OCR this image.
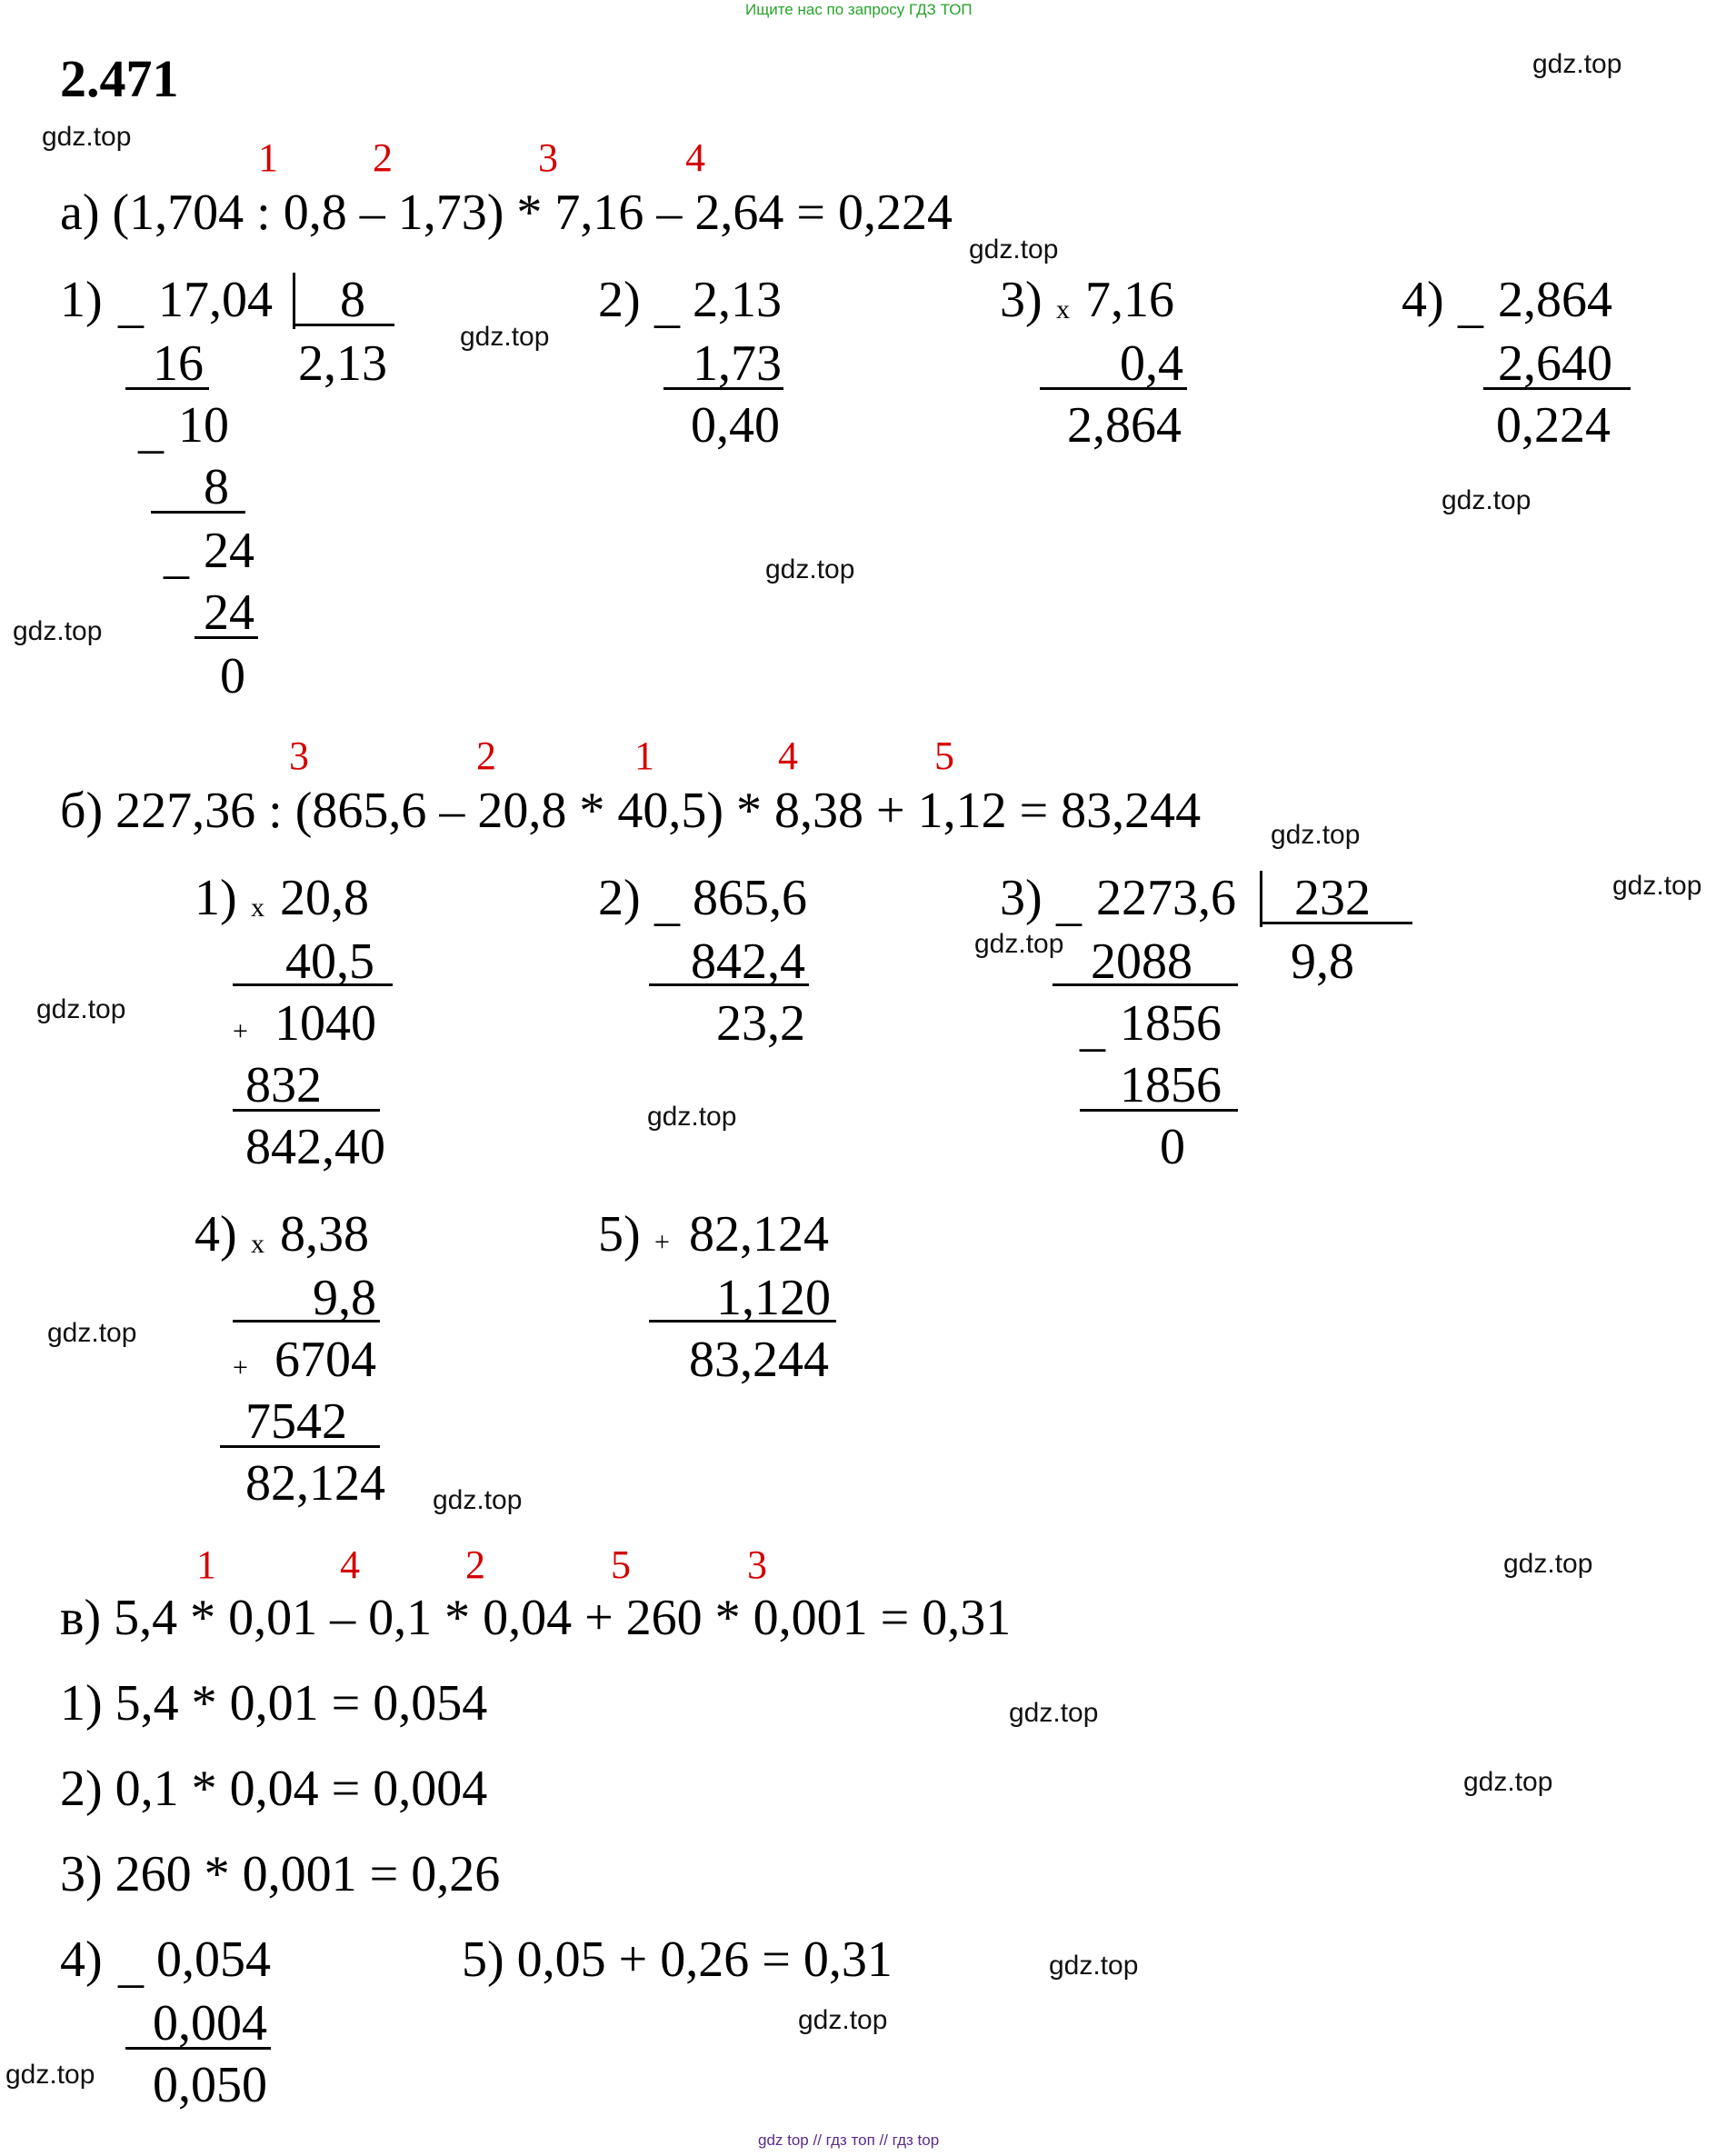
Ищите нас по запросу ГДЗ ТОП
2.471	gdz.top
gdz.top
gdz.top
gdz.top
gdz.top
gdz.top
gdz.top
gdz.top
gdz.top
gdz.top
gdz.top
gdz.top
gdz.top
gdz.top
gdz.top
gdz.top
gdz.top
gdz.top
gdz.top
gdz.top
1 2	3	4
а) (1,704 : 0,8 – 1,73) * 7,16 – 2,64 = 0,224
1) _ 17,04 8
2,13
16
_ 10
8
_ 24
24
0
2) _ 2,13
1,73
0,40
3) x 7,16
0,4
2,864
4) _ 2,864
2,640
0,224
3	2	1	4	5
б) 227,36 : (865,6 – 20,8 * 40,5) * 8,38 + 1,12 = 83,244
1) x 20,8
40,5
+ 1040
832
842,40
2) _ 865,6
842,4
23,2
3) _ 2273,6 232
9,8
2088
_ 1856
1856
0
4) x 8,38
9,8
+ 6704
7542
82,124
5) + 82,124
1,120
83,244
1	4	2	5	3
в) 5,4 * 0,01 – 0,1 * 0,04 + 260 * 0,001 = 0,31
1) 5,4 * 0,01 = 0,054
2) 0,1 * 0,04 = 0,004
3) 260 * 0,001 = 0,26
4) _ 0,054
0,004
0,050
5) 0,05 + 0,26 = 0,31
gdz top // гдз топ // гдз top
